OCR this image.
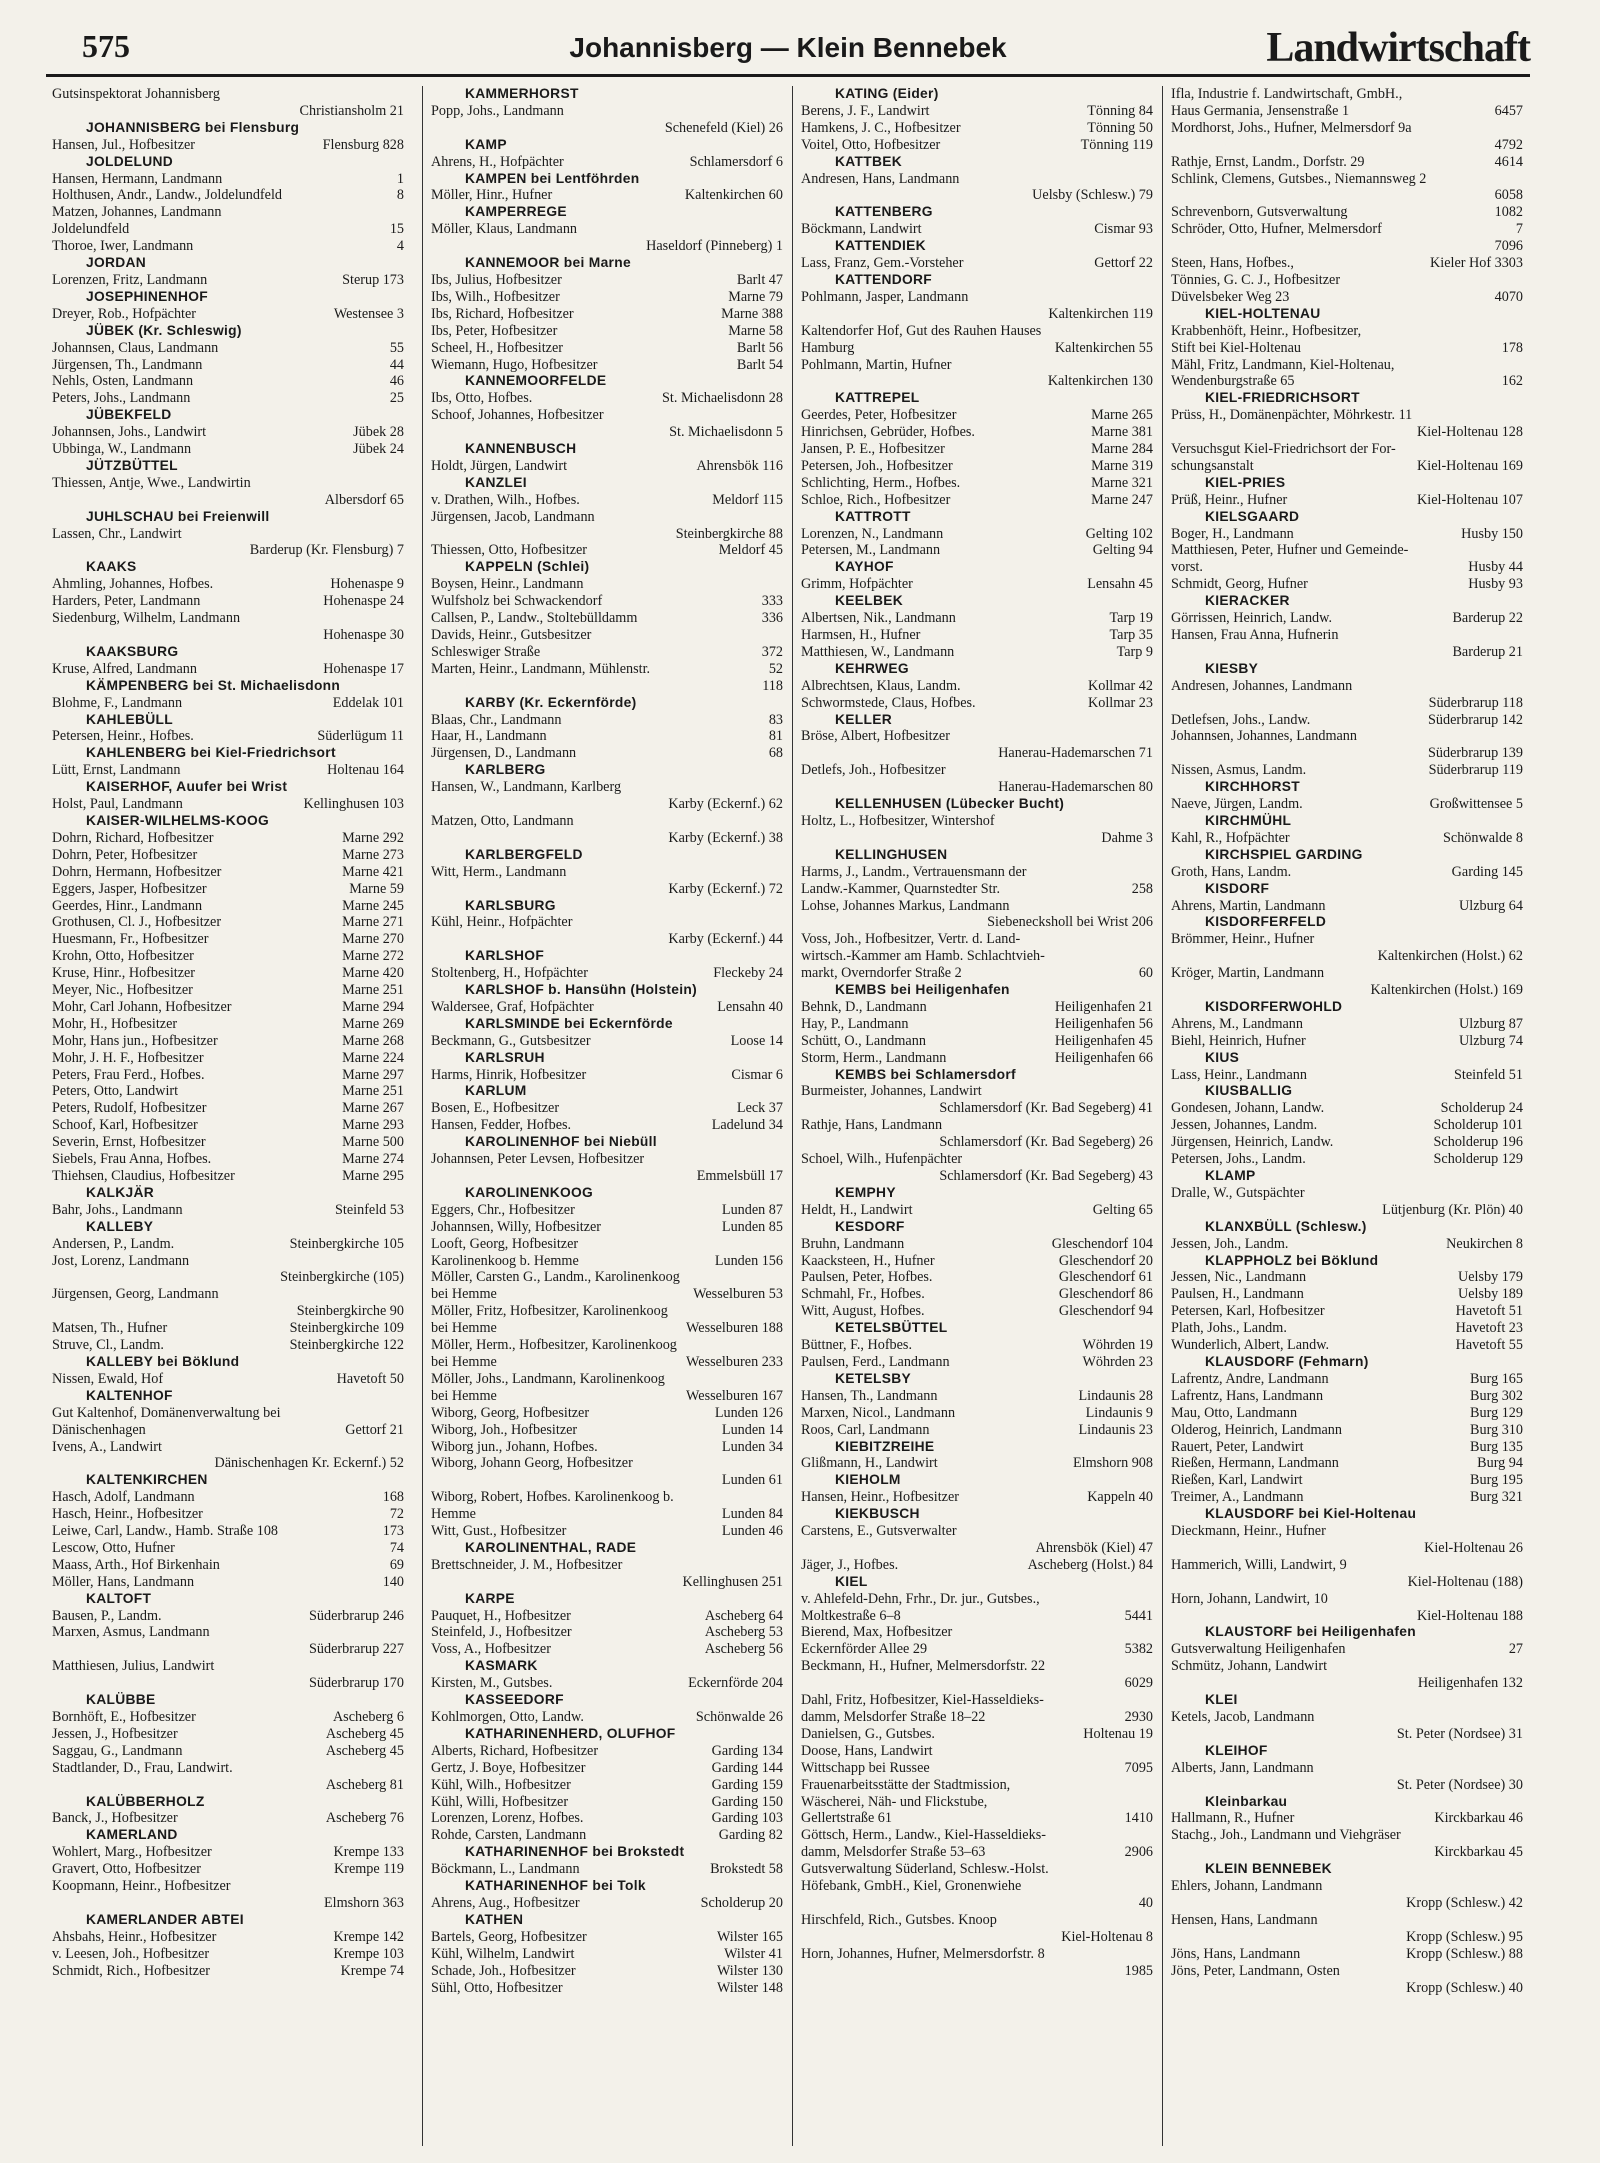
575	Johannisberg — Klein Bennebek	Landwirtschaft
Gutsinspektorat Johannisberg
Christiansholm 21
JOHANNISBERG bei Flensburg
Hansen, Jul., Hofbesitzer	Flensburg 828
JOLDELUND
Hansen, Hermann, Landmann	1
Holthusen, Andr., Landw., Joldelundfeld	8
Matzen, Johannes, Landmann
Joldelundfeld	15
Thoroe, Iwer, Landmann	4
JORDAN
Lorenzen, Fritz, Landmann	Sterup 173
JOSEPHINENHOF
Dreyer, Rob., Hofpächter	Westensee 3
JÜBEK (Kr. Schleswig)
Johannsen, Claus, Landmann	55
Jürgensen, Th., Landmann	44
Nehls, Osten, Landmann	46
Peters, Johs., Landmann	25
JÜBEKFELD
Johannsen, Johs., Landwirt	Jübek 28
Ubbinga, W., Landmann	Jübek 24
JÜTZBÜTTEL
Thiessen, Antje, Wwe., Landwirtin
Albersdorf 65
JUHLSCHAU bei Freienwill
Lassen, Chr., Landwirt
Barderup (Kr. Flensburg) 7
KAAKS
Ahmling, Johannes, Hofbes.	Hohenaspe 9
Harders, Peter, Landmann	Hohenaspe 24
Siedenburg, Wilhelm, Landmann
Hohenaspe 30
KAAKSBURG
Kruse, Alfred, Landmann	Hohenaspe 17
KÄMPENBERG bei St. Michaelisdonn
Blohme, F., Landmann	Eddelak 101
KAHLEBÜLL
Petersen, Heinr., Hofbes.	Süderlügum 11
KAHLENBERG bei Kiel-Friedrichsort
Lütt, Ernst, Landmann	Holtenau 164
KAISERHOF, Auufer bei Wrist
Holst, Paul, Landmann	Kellinghusen 103
KAISER-WILHELMS-KOOG
Dohrn, Richard, Hofbesitzer	Marne 292
Dohrn, Peter, Hofbesitzer	Marne 273
Dohrn, Hermann, Hofbesitzer	Marne 421
Eggers, Jasper, Hofbesitzer	Marne 59
Geerdes, Hinr., Landmann	Marne 245
Grothusen, Cl. J., Hofbesitzer	Marne 271
Huesmann, Fr., Hofbesitzer	Marne 270
Krohn, Otto, Hofbesitzer	Marne 272
Kruse, Hinr., Hofbesitzer	Marne 420
Meyer, Nic., Hofbesitzer	Marne 251
Mohr, Carl Johann, Hofbesitzer	Marne 294
Mohr, H., Hofbesitzer	Marne 269
Mohr, Hans jun., Hofbesitzer	Marne 268
Mohr, J. H. F., Hofbesitzer	Marne 224
Peters, Frau Ferd., Hofbes.	Marne 297
Peters, Otto, Landwirt	Marne 251
Peters, Rudolf, Hofbesitzer	Marne 267
Schoof, Karl, Hofbesitzer	Marne 293
Severin, Ernst, Hofbesitzer	Marne 500
Siebels, Frau Anna, Hofbes.	Marne 274
Thiehsen, Claudius, Hofbesitzer	Marne 295
KALKJÄR
Bahr, Johs., Landmann	Steinfeld 53
KALLEBY
Andersen, P., Landm.	Steinbergkirche 105
Jost, Lorenz, Landmann
Steinbergkirche (105)
Jürgensen, Georg, Landmann
Steinbergkirche 90
Matsen, Th., Hufner	Steinbergkirche 109
Struve, Cl., Landm.	Steinbergkirche 122
KALLEBY bei Böklund
Nissen, Ewald, Hof	Havetoft 50
KALTENHOF
Gut Kaltenhof, Domänenverwaltung bei
Dänischenhagen	Gettorf 21
Ivens, A., Landwirt
Dänischenhagen Kr. Eckernf.) 52
KALTENKIRCHEN
Hasch, Adolf, Landmann	168
Hasch, Heinr., Hofbesitzer	72
Leiwe, Carl, Landw., Hamb. Straße 108	173
Lescow, Otto, Hufner	74
Maass, Arth., Hof Birkenhain	69
Möller, Hans, Landmann	140
KALTOFT
Bausen, P., Landm.	Süderbrarup 246
Marxen, Asmus, Landmann
Süderbrarup 227
Matthiesen, Julius, Landwirt
Süderbrarup 170
KALÜBBE
Bornhöft, E., Hofbesitzer	Ascheberg 6
Jessen, J., Hofbesitzer	Ascheberg 45
Saggau, G., Landmann	Ascheberg 45
Stadtlander, D., Frau, Landwirt.
Ascheberg 81
KALÜBBERHOLZ
Banck, J., Hofbesitzer	Ascheberg 76
KAMERLAND
Wohlert, Marg., Hofbesitzer	Krempe 133
Gravert, Otto, Hofbesitzer	Krempe 119
Koopmann, Heinr., Hofbesitzer
Elmshorn 363
KAMERLANDER ABTEI
Ahsbahs, Heinr., Hofbesitzer	Krempe 142
v. Leesen, Joh., Hofbesitzer	Krempe 103
Schmidt, Rich., Hofbesitzer	Krempe 74
KAMMERHORST
Popp, Johs., Landmann
Schenefeld (Kiel) 26
KAMP
Ahrens, H., Hofpächter	Schlamersdorf 6
KAMPEN bei Lentföhrden
Möller, Hinr., Hufner	Kaltenkirchen 60
KAMPERREGE
Möller, Klaus, Landmann
Haseldorf (Pinneberg) 1
KANNEMOOR bei Marne
Ibs, Julius, Hofbesitzer	Barlt 47
Ibs, Wilh., Hofbesitzer	Marne 79
Ibs, Richard, Hofbesitzer	Marne 388
Ibs, Peter, Hofbesitzer	Marne 58
Scheel, H., Hofbesitzer	Barlt 56
Wiemann, Hugo, Hofbesitzer	Barlt 54
KANNEMOORFELDE
Ibs, Otto, Hofbes.	St. Michaelisdonn 28
Schoof, Johannes, Hofbesitzer
St. Michaelisdonn 5
KANNENBUSCH
Holdt, Jürgen, Landwirt	Ahrensbök 116
KANZLEI
v. Drathen, Wilh., Hofbes.	Meldorf 115
Jürgensen, Jacob, Landmann
Steinbergkirche 88
Thiessen, Otto, Hofbesitzer	Meldorf 45
KAPPELN (Schlei)
Boysen, Heinr., Landmann
Wulfsholz bei Schwackendorf	333
Callsen, P., Landw., Stoltebülldamm	336
Davids, Heinr., Gutsbesitzer
Schleswiger Straße	372
Marten, Heinr., Landmann, Mühlenstr.	52
118
KARBY (Kr. Eckernförde)
Blaas, Chr., Landmann	83
Haar, H., Landmann	81
Jürgensen, D., Landmann	68
KARLBERG
Hansen, W., Landmann, Karlberg
Karby (Eckernf.) 62
Matzen, Otto, Landmann
Karby (Eckernf.) 38
KARLBERGFELD
Witt, Herm., Landmann
Karby (Eckernf.) 72
KARLSBURG
Kühl, Heinr., Hofpächter
Karby (Eckernf.) 44
KARLSHOF
Stoltenberg, H., Hofpächter	Fleckeby 24
KARLSHOF b. Hansühn (Holstein)
Waldersee, Graf, Hofpächter	Lensahn 40
KARLSMINDE bei Eckernförde
Beckmann, G., Gutsbesitzer	Loose 14
KARLSRUH
Harms, Hinrik, Hofbesitzer	Cismar 6
KARLUM
Bosen, E., Hofbesitzer	Leck 37
Hansen, Fedder, Hofbes.	Ladelund 34
KAROLINENHOF bei Niebüll
Johannsen, Peter Levsen, Hofbesitzer
Emmelsbüll 17
KAROLINENKOOG
Eggers, Chr., Hofbesitzer	Lunden 87
Johannsen, Willy, Hofbesitzer	Lunden 85
Looft, Georg, Hofbesitzer
Karolinenkoog b. Hemme	Lunden 156
Möller, Carsten G., Landm., Karolinenkoog
bei Hemme	Wesselburen 53
Möller, Fritz, Hofbesitzer, Karolinenkoog
bei Hemme	Wesselburen 188
Möller, Herm., Hofbesitzer, Karolinenkoog
bei Hemme	Wesselburen 233
Möller, Johs., Landmann, Karolinenkoog
bei Hemme	Wesselburen 167
Wiborg, Georg, Hofbesitzer	Lunden 126
Wiborg, Joh., Hofbesitzer	Lunden 14
Wiborg jun., Johann, Hofbes.	Lunden 34
Wiborg, Johann Georg, Hofbesitzer
Lunden 61
Wiborg, Robert, Hofbes. Karolinenkoog b.
Hemme	Lunden 84
Witt, Gust., Hofbesitzer	Lunden 46
KAROLINENTHAL, RADE
Brettschneider, J. M., Hofbesitzer
Kellinghusen 251
KARPE
Pauquet, H., Hofbesitzer	Ascheberg 64
Steinfeld, J., Hofbesitzer	Ascheberg 53
Voss, A., Hofbesitzer	Ascheberg 56
KASMARK
Kirsten, M., Gutsbes.	Eckernförde 204
KASSEEDORF
Kohlmorgen, Otto, Landw.	Schönwalde 26
KATHARINENHERD, OLUFHOF
Alberts, Richard, Hofbesitzer	Garding 134
Gertz, J. Boye, Hofbesitzer	Garding 144
Kühl, Wilh., Hofbesitzer	Garding 159
Kühl, Willi, Hofbesitzer	Garding 150
Lorenzen, Lorenz, Hofbes.	Garding 103
Rohde, Carsten, Landmann	Garding 82
KATHARINENHOF bei Brokstedt
Böckmann, L., Landmann	Brokstedt 58
KATHARINENHOF bei Tolk
Ahrens, Aug., Hofbesitzer	Scholderup 20
KATHEN
Bartels, Georg, Hofbesitzer	Wilster 165
Kühl, Wilhelm, Landwirt	Wilster 41
Schade, Joh., Hofbesitzer	Wilster 130
Sühl, Otto, Hofbesitzer	Wilster 148
KATING (Eider)
Berens, J. F., Landwirt	Tönning 84
Hamkens, J. C., Hofbesitzer	Tönning 50
Voitel, Otto, Hofbesitzer	Tönning 119
KATTBEK
Andresen, Hans, Landmann
Uelsby (Schlesw.) 79
KATTENBERG
Böckmann, Landwirt	Cismar 93
KATTENDIEK
Lass, Franz, Gem.-Vorsteher	Gettorf 22
KATTENDORF
Pohlmann, Jasper, Landmann
Kaltenkirchen 119
Kaltendorfer Hof, Gut des Rauhen Hauses
Hamburg	Kaltenkirchen 55
Pohlmann, Martin, Hufner
Kaltenkirchen 130
KATTREPEL
Geerdes, Peter, Hofbesitzer	Marne 265
Hinrichsen, Gebrüder, Hofbes.	Marne 381
Jansen, P. E., Hofbesitzer	Marne 284
Petersen, Joh., Hofbesitzer	Marne 319
Schlichting, Herm., Hofbes.	Marne 321
Schloe, Rich., Hofbesitzer	Marne 247
KATTROTT
Lorenzen, N., Landmann	Gelting 102
Petersen, M., Landmann	Gelting 94
KAYHOF
Grimm, Hofpächter	Lensahn 45
KEELBEK
Albertsen, Nik., Landmann	Tarp 19
Harmsen, H., Hufner	Tarp 35
Matthiesen, W., Landmann	Tarp 9
KEHRWEG
Albrechtsen, Klaus, Landm.	Kollmar 42
Schwormstede, Claus, Hofbes.	Kollmar 23
KELLER
Bröse, Albert, Hofbesitzer
Hanerau-Hademarschen 71
Detlefs, Joh., Hofbesitzer
Hanerau-Hademarschen 80
KELLENHUSEN (Lübecker Bucht)
Holtz, L., Hofbesitzer, Wintershof
Dahme 3
KELLINGHUSEN
Harms, J., Landm., Vertrauensmann der
Landw.-Kammer, Quarnstedter Str.	258
Lohse, Johannes Markus, Landmann
Siebenecksholl bei Wrist 206
Voss, Joh., Hofbesitzer, Vertr. d. Land-
wirtsch.-Kammer am Hamb. Schlachtvieh-
markt, Overndorfer Straße 2	60
KEMBS bei Heiligenhafen
Behnk, D., Landmann	Heiligenhafen 21
Hay, P., Landmann	Heiligenhafen 56
Schütt, O., Landmann	Heiligenhafen 45
Storm, Herm., Landmann	Heiligenhafen 66
KEMBS bei Schlamersdorf
Burmeister, Johannes, Landwirt
Schlamersdorf (Kr. Bad Segeberg) 41
Rathje, Hans, Landmann
Schlamersdorf (Kr. Bad Segeberg) 26
Schoel, Wilh., Hufenpächter
Schlamersdorf (Kr. Bad Segeberg) 43
KEMPHY
Heldt, H., Landwirt	Gelting 65
KESDORF
Bruhn, Landmann	Gleschendorf 104
Kaacksteen, H., Hufner	Gleschendorf 20
Paulsen, Peter, Hofbes.	Gleschendorf 61
Schmahl, Fr., Hofbes.	Gleschendorf 86
Witt, August, Hofbes.	Gleschendorf 94
KETELSBÜTTEL
Büttner, F., Hofbes.	Wöhrden 19
Paulsen, Ferd., Landmann	Wöhrden 23
KETELSBY
Hansen, Th., Landmann	Lindaunis 28
Marxen, Nicol., Landmann	Lindaunis 9
Roos, Carl, Landmann	Lindaunis 23
KIEBITZREIHE
Glißmann, H., Landwirt	Elmshorn 908
KIEHOLM
Hansen, Heinr., Hofbesitzer	Kappeln 40
KIEKBUSCH
Carstens, E., Gutsverwalter
Ahrensbök (Kiel) 47
Jäger, J., Hofbes.	Ascheberg (Holst.) 84
KIEL
v. Ahlefeld-Dehn, Frhr., Dr. jur., Gutsbes.,
Moltkestraße 6–8	5441
Bierend, Max, Hofbesitzer
Eckernförder Allee 29	5382
Beckmann, H., Hufner, Melmersdorfstr. 22
6029
Dahl, Fritz, Hofbesitzer, Kiel-Hasseldieks-
damm, Melsdorfer Straße 18–22	2930
Danielsen, G., Gutsbes.	Holtenau 19
Doose, Hans, Landwirt
Wittschapp bei Russee	7095
Frauenarbeitsstätte der Stadtmission,
Wäscherei, Näh- und Flickstube,
Gellertstraße 61	1410
Göttsch, Herm., Landw., Kiel-Hasseldieks-
damm, Melsdorfer Straße 53–63	2906
Gutsverwaltung Süderland, Schlesw.-Holst.
Höfebank, GmbH., Kiel, Gronenwiehe
40
Hirschfeld, Rich., Gutsbes. Knoop
Kiel-Holtenau 8
Horn, Johannes, Hufner, Melmersdorfstr. 8
1985
Ifla, Industrie f. Landwirtschaft, GmbH.,
Haus Germania, Jensenstraße 1	6457
Mordhorst, Johs., Hufner, Melmersdorf 9a
4792
Rathje, Ernst, Landm., Dorfstr. 29	4614
Schlink, Clemens, Gutsbes., Niemannsweg 2
6058
Schrevenborn, Gutsverwaltung	1082
Schröder, Otto, Hufner, Melmersdorf	7
7096
Steen, Hans, Hofbes.,	Kieler Hof 3303
Tönnies, G. C. J., Hofbesitzer
Düvelsbeker Weg 23	4070
KIEL-HOLTENAU
Krabbenhöft, Heinr., Hofbesitzer,
Stift bei Kiel-Holtenau	178
Mähl, Fritz, Landmann, Kiel-Holtenau,
Wendenburgstraße 65	162
KIEL-FRIEDRICHSORT
Prüss, H., Domänenpächter, Möhrkestr. 11
Kiel-Holtenau 128
Versuchsgut Kiel-Friedrichsort der For-
schungsanstalt	Kiel-Holtenau 169
KIEL-PRIES
Prüß, Heinr., Hufner	Kiel-Holtenau 107
KIELSGAARD
Boger, H., Landmann	Husby 150
Matthiesen, Peter, Hufner und Gemeinde-
vorst.	Husby 44
Schmidt, Georg, Hufner	Husby 93
KIERACKER
Görrissen, Heinrich, Landw.	Barderup 22
Hansen, Frau Anna, Hufnerin
Barderup 21
KIESBY
Andresen, Johannes, Landmann
Süderbrarup 118
Detlefsen, Johs., Landw.	Süderbrarup 142
Johannsen, Johannes, Landmann
Süderbrarup 139
Nissen, Asmus, Landm.	Süderbrarup 119
KIRCHHORST
Naeve, Jürgen, Landm.	Großwittensee 5
KIRCHMÜHL
Kahl, R., Hofpächter	Schönwalde 8
KIRCHSPIEL GARDING
Groth, Hans, Landm.	Garding 145
KISDORF
Ahrens, Martin, Landmann	Ulzburg 64
KISDORFERFELD
Brömmer, Heinr., Hufner
Kaltenkirchen (Holst.) 62
Kröger, Martin, Landmann
Kaltenkirchen (Holst.) 169
KISDORFERWOHLD
Ahrens, M., Landmann	Ulzburg 87
Biehl, Heinrich, Hufner	Ulzburg 74
KIUS
Lass, Heinr., Landmann	Steinfeld 51
KIUSBALLIG
Gondesen, Johann, Landw.	Scholderup 24
Jessen, Johannes, Landm.	Scholderup 101
Jürgensen, Heinrich, Landw.	Scholderup 196
Petersen, Johs., Landm.	Scholderup 129
KLAMP
Dralle, W., Gutspächter
Lütjenburg (Kr. Plön) 40
KLANXBÜLL (Schlesw.)
Jessen, Joh., Landm.	Neukirchen 8
KLAPPHOLZ bei Böklund
Jessen, Nic., Landmann	Uelsby 179
Paulsen, H., Landmann	Uelsby 189
Petersen, Karl, Hofbesitzer	Havetoft 51
Plath, Johs., Landm.	Havetoft 23
Wunderlich, Albert, Landw.	Havetoft 55
KLAUSDORF (Fehmarn)
Lafrentz, Andre, Landmann	Burg 165
Lafrentz, Hans, Landmann	Burg 302
Mau, Otto, Landmann	Burg 129
Olderog, Heinrich, Landmann	Burg 310
Rauert, Peter, Landwirt	Burg 135
Rießen, Hermann, Landmann	Burg 94
Rießen, Karl, Landwirt	Burg 195
Treimer, A., Landmann	Burg 321
KLAUSDORF bei Kiel-Holtenau
Dieckmann, Heinr., Hufner
Kiel-Holtenau 26
Hammerich, Willi, Landwirt, 9
Kiel-Holtenau (188)
Horn, Johann, Landwirt, 10
Kiel-Holtenau 188
KLAUSTORF bei Heiligenhafen
Gutsverwaltung Heiligenhafen	27
Schmütz, Johann, Landwirt
Heiligenhafen 132
KLEI
Ketels, Jacob, Landmann
St. Peter (Nordsee) 31
KLEIHOF
Alberts, Jann, Landmann
St. Peter (Nordsee) 30
Kleinbarkau
Hallmann, R., Hufner	Kirckbarkau 46
Stachg., Joh., Landmann und Viehgräser
Kirckbarkau 45
KLEIN BENNEBEK
Ehlers, Johann, Landmann
Kropp (Schlesw.) 42
Hensen, Hans, Landmann
Kropp (Schlesw.) 95
Jöns, Hans, Landmann	Kropp (Schlesw.) 88
Jöns, Peter, Landmann, Osten
Kropp (Schlesw.) 40
